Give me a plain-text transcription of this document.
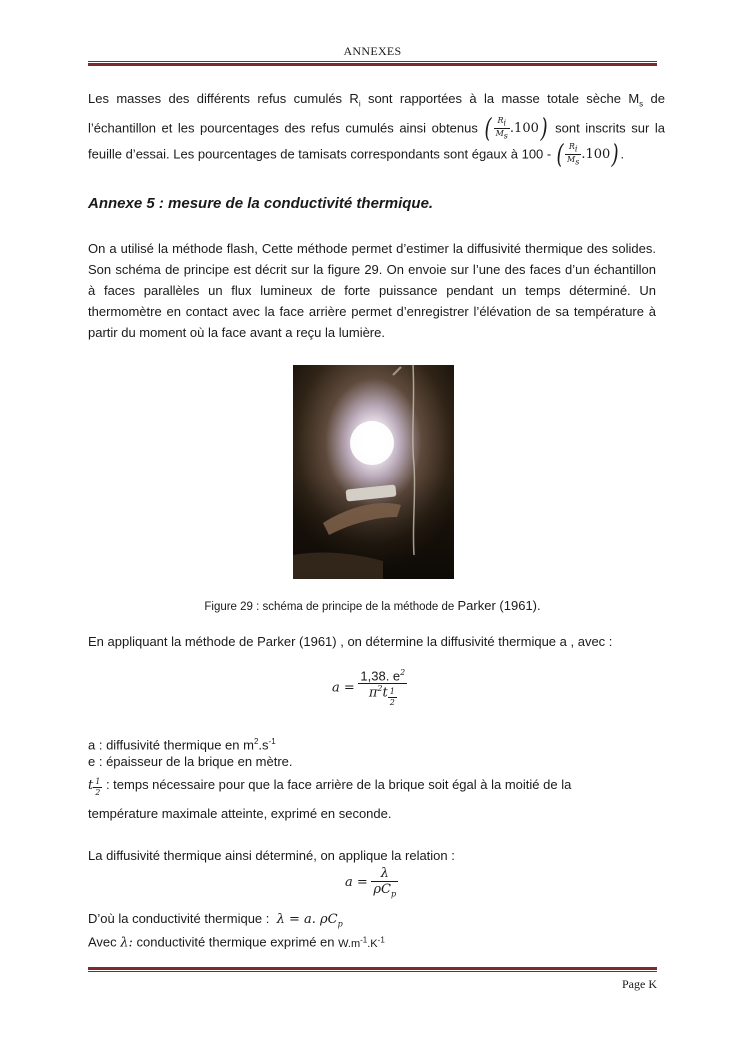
ANNEXES
Les masses des différents refus cumulés $R_i$ sont rapportées à la masse totale sèche $M_s$ de l’échantillon et les pourcentages des refus cumulés ainsi obtenus ( $\frac{R_i}{M_s} .100$) sont inscrits sur la feuille d’essai. Les pourcentages de tamisats correspondants sont égaux à 100 - ( $\frac{R_i}{M_s} .100$) .
Annexe 5 : mesure de la conductivité thermique.
On a utilisé la méthode flash, Cette méthode permet d’estimer la diffusivité thermique des solides. Son schéma de principe est décrit sur la figure 29. On envoie sur l’une des faces d’un échantillon à faces parallèles un flux lumineux de forte puissance pendant un temps déterminé. Un thermomètre en contact avec la face arrière permet d’enregistrer l’élévation de sa température à partir du moment où la face avant a reçu la lumière.
Figure 29 : schéma de principe de la méthode de Parker (1961).
En appliquant la méthode de Parker (1961) , on détermine la diffusivité thermique a , avec :
$a = \frac{1,38. e^2}{\pi^2t \frac{1}{2}}$
a : diffusivité thermique en $m^2.s^{-1}$
e : épaisseur de la brique en mètre.
t $\frac{1}{2}$ : temps nécessaire pour que la face arrière de la brique soit égal à la moitié de la
température maximale atteinte, exprimé en seconde.
La diffusivité thermique ainsi déterminé, on applique la relation :
$a = \frac{\lambda}{\rho C_p}$
D’où la conductivité thermique : λ = a. $\rho C_p$
Avec λ: conductivité thermique exprimé en $W.m^{-1}.K^{-1}$
Page K
